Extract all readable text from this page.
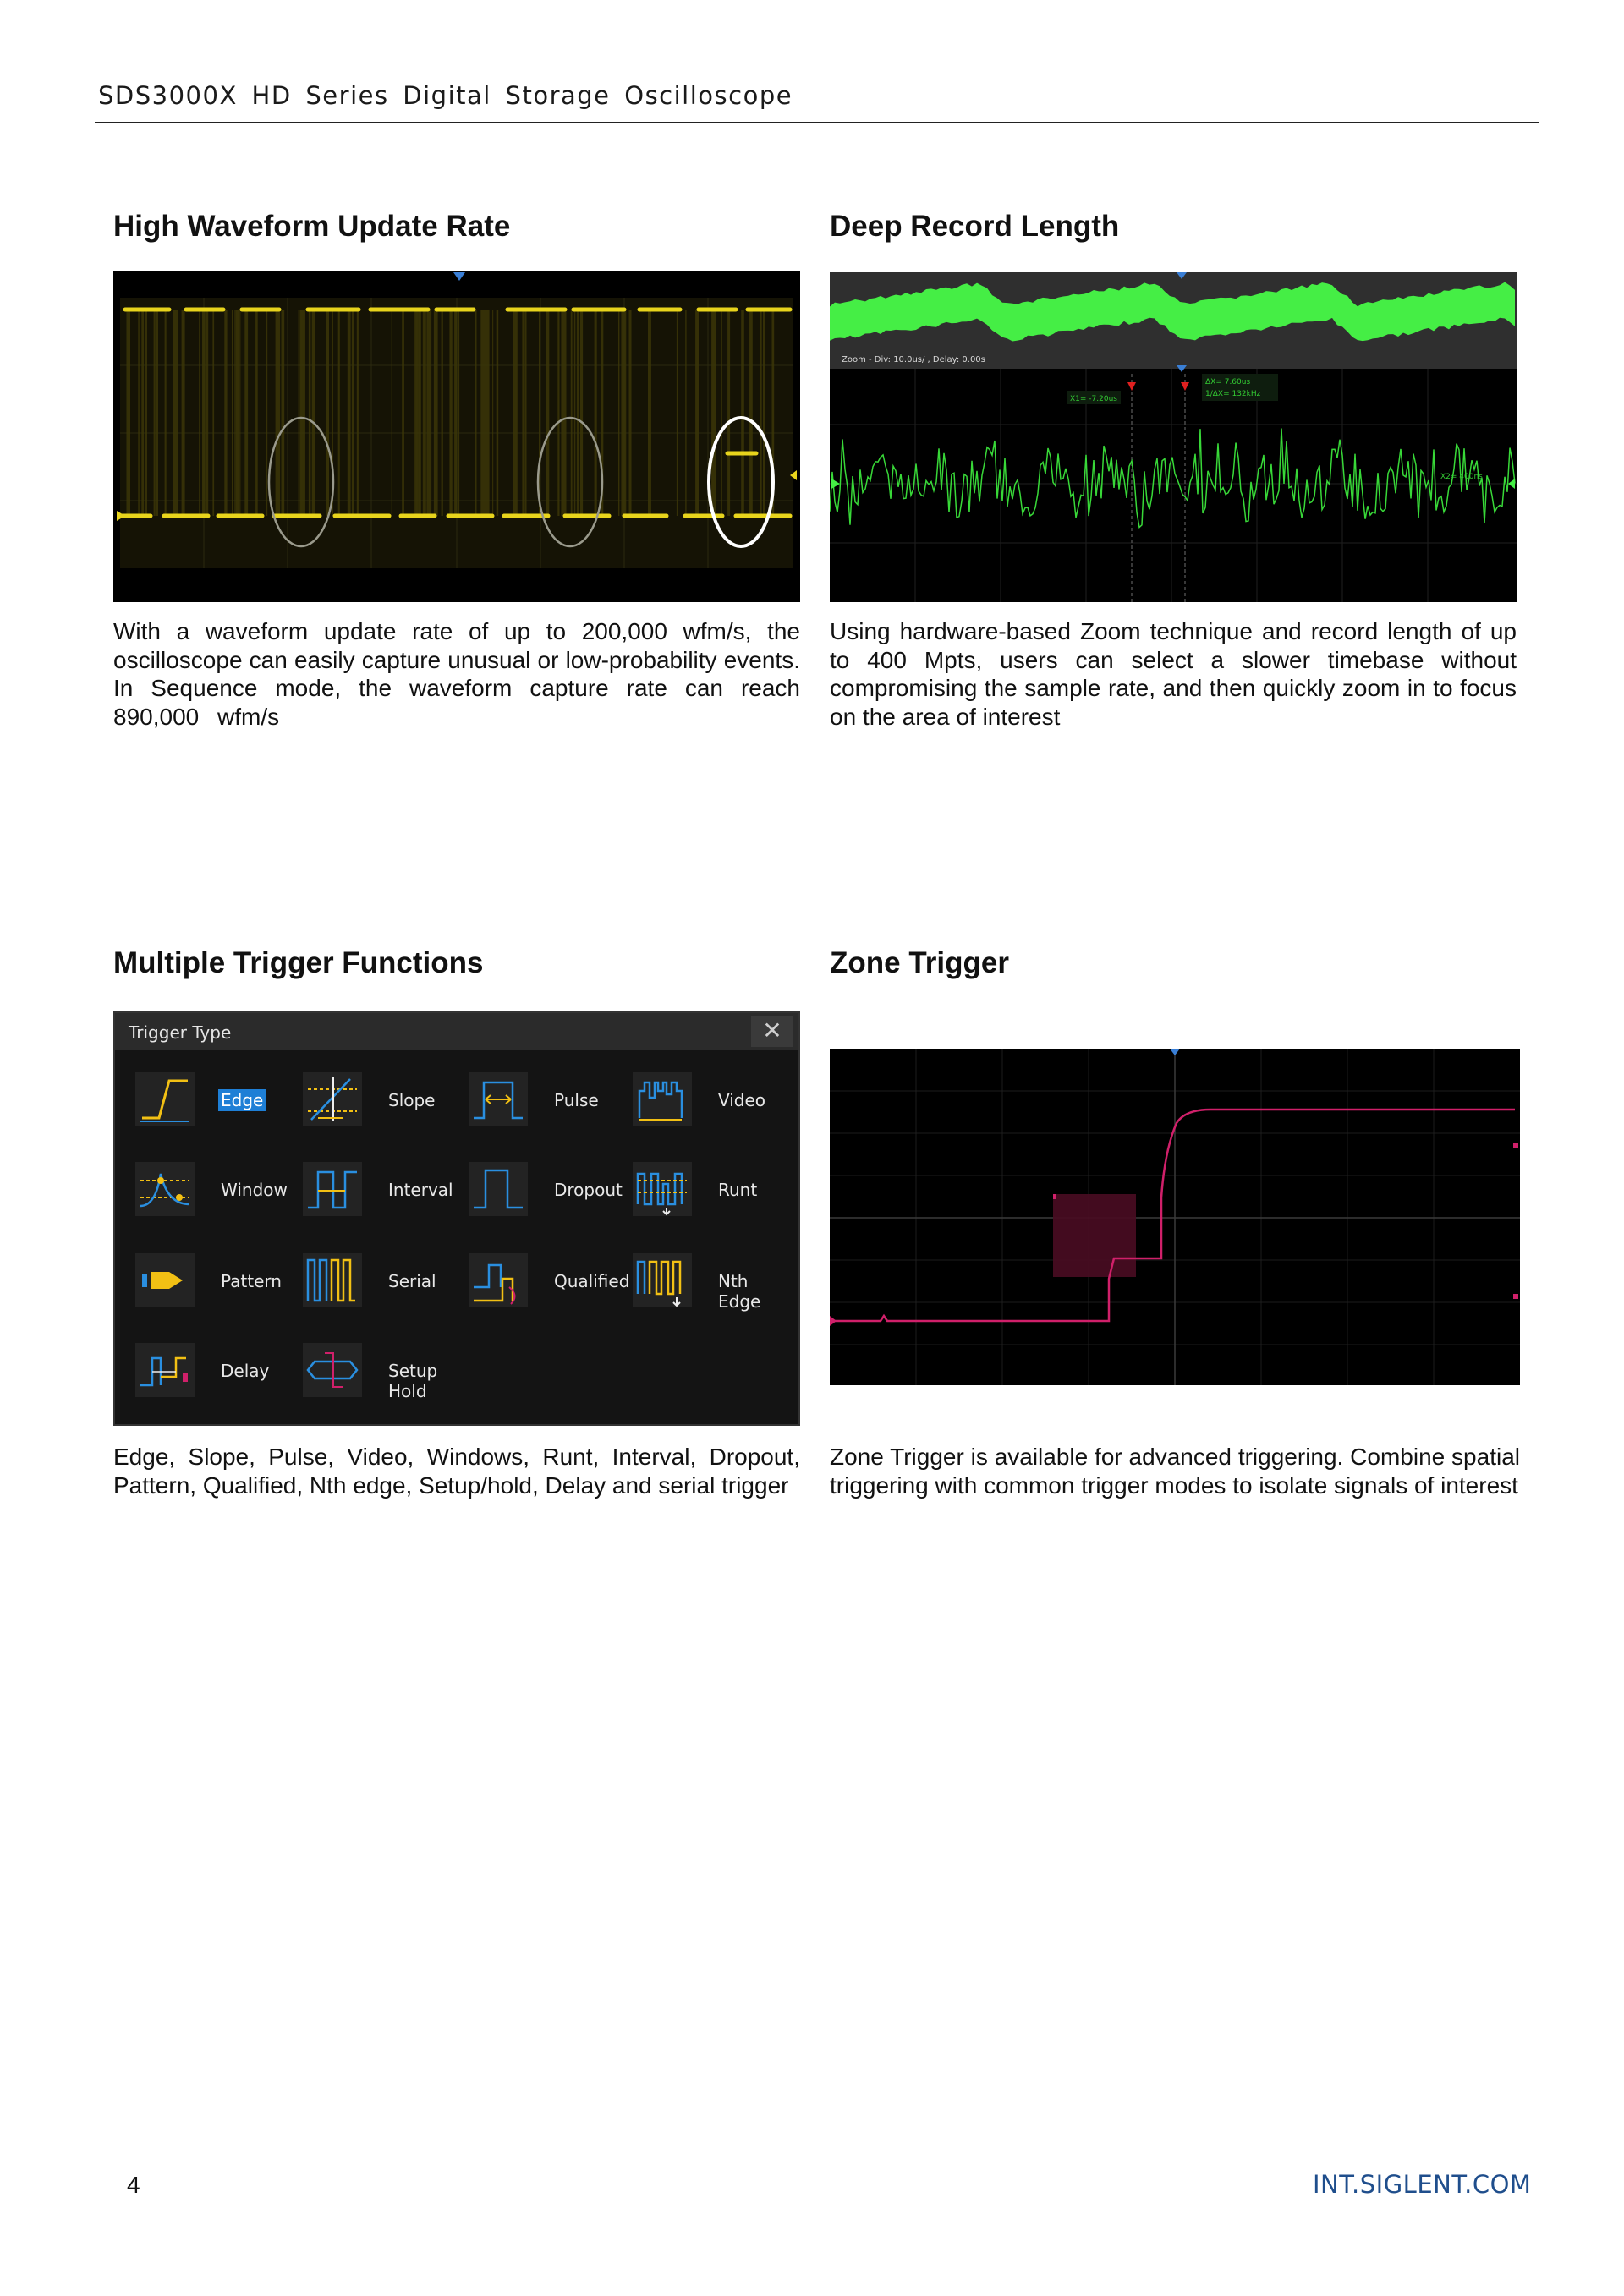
SDS3000X HD Series Digital Storage Oscilloscope
High Waveform Update Rate
With a waveform update rate of up to 200,000 wfm/s, the oscilloscope can easily capture unusual or low-probability events. In Sequence mode, the waveform capture rate can reach 890,000  wfm/s
Deep Record Length
Zoom - Div: 10.0us/ , Delay: 0.00s
X1= -7.20us
ΔX= 7.60us
1/ΔX= 132kHz
X2= 400ns
Using hardware-based Zoom technique and record length of up to 400 Mpts, users can select a slower timebase without compromising the sample rate, and then quickly zoom in to focus on the area of interest
Multiple Trigger Functions
Trigger Type	✕
Edge	Slope	Pulse	Video
Window	Interval	Dropout	Runt
Pattern	Serial	Qualified	Nth Edge
Delay	Setup Hold
Edge, Slope, Pulse, Video, Windows, Runt, Interval, Dropout, Pattern, Qualified, Nth edge, Setup/hold, Delay and serial trigger
Zone Trigger
Zone Trigger is available for advanced triggering. Combine spatial triggering with common trigger modes to isolate signals of interest
4	INT.SIGLENT.COM
